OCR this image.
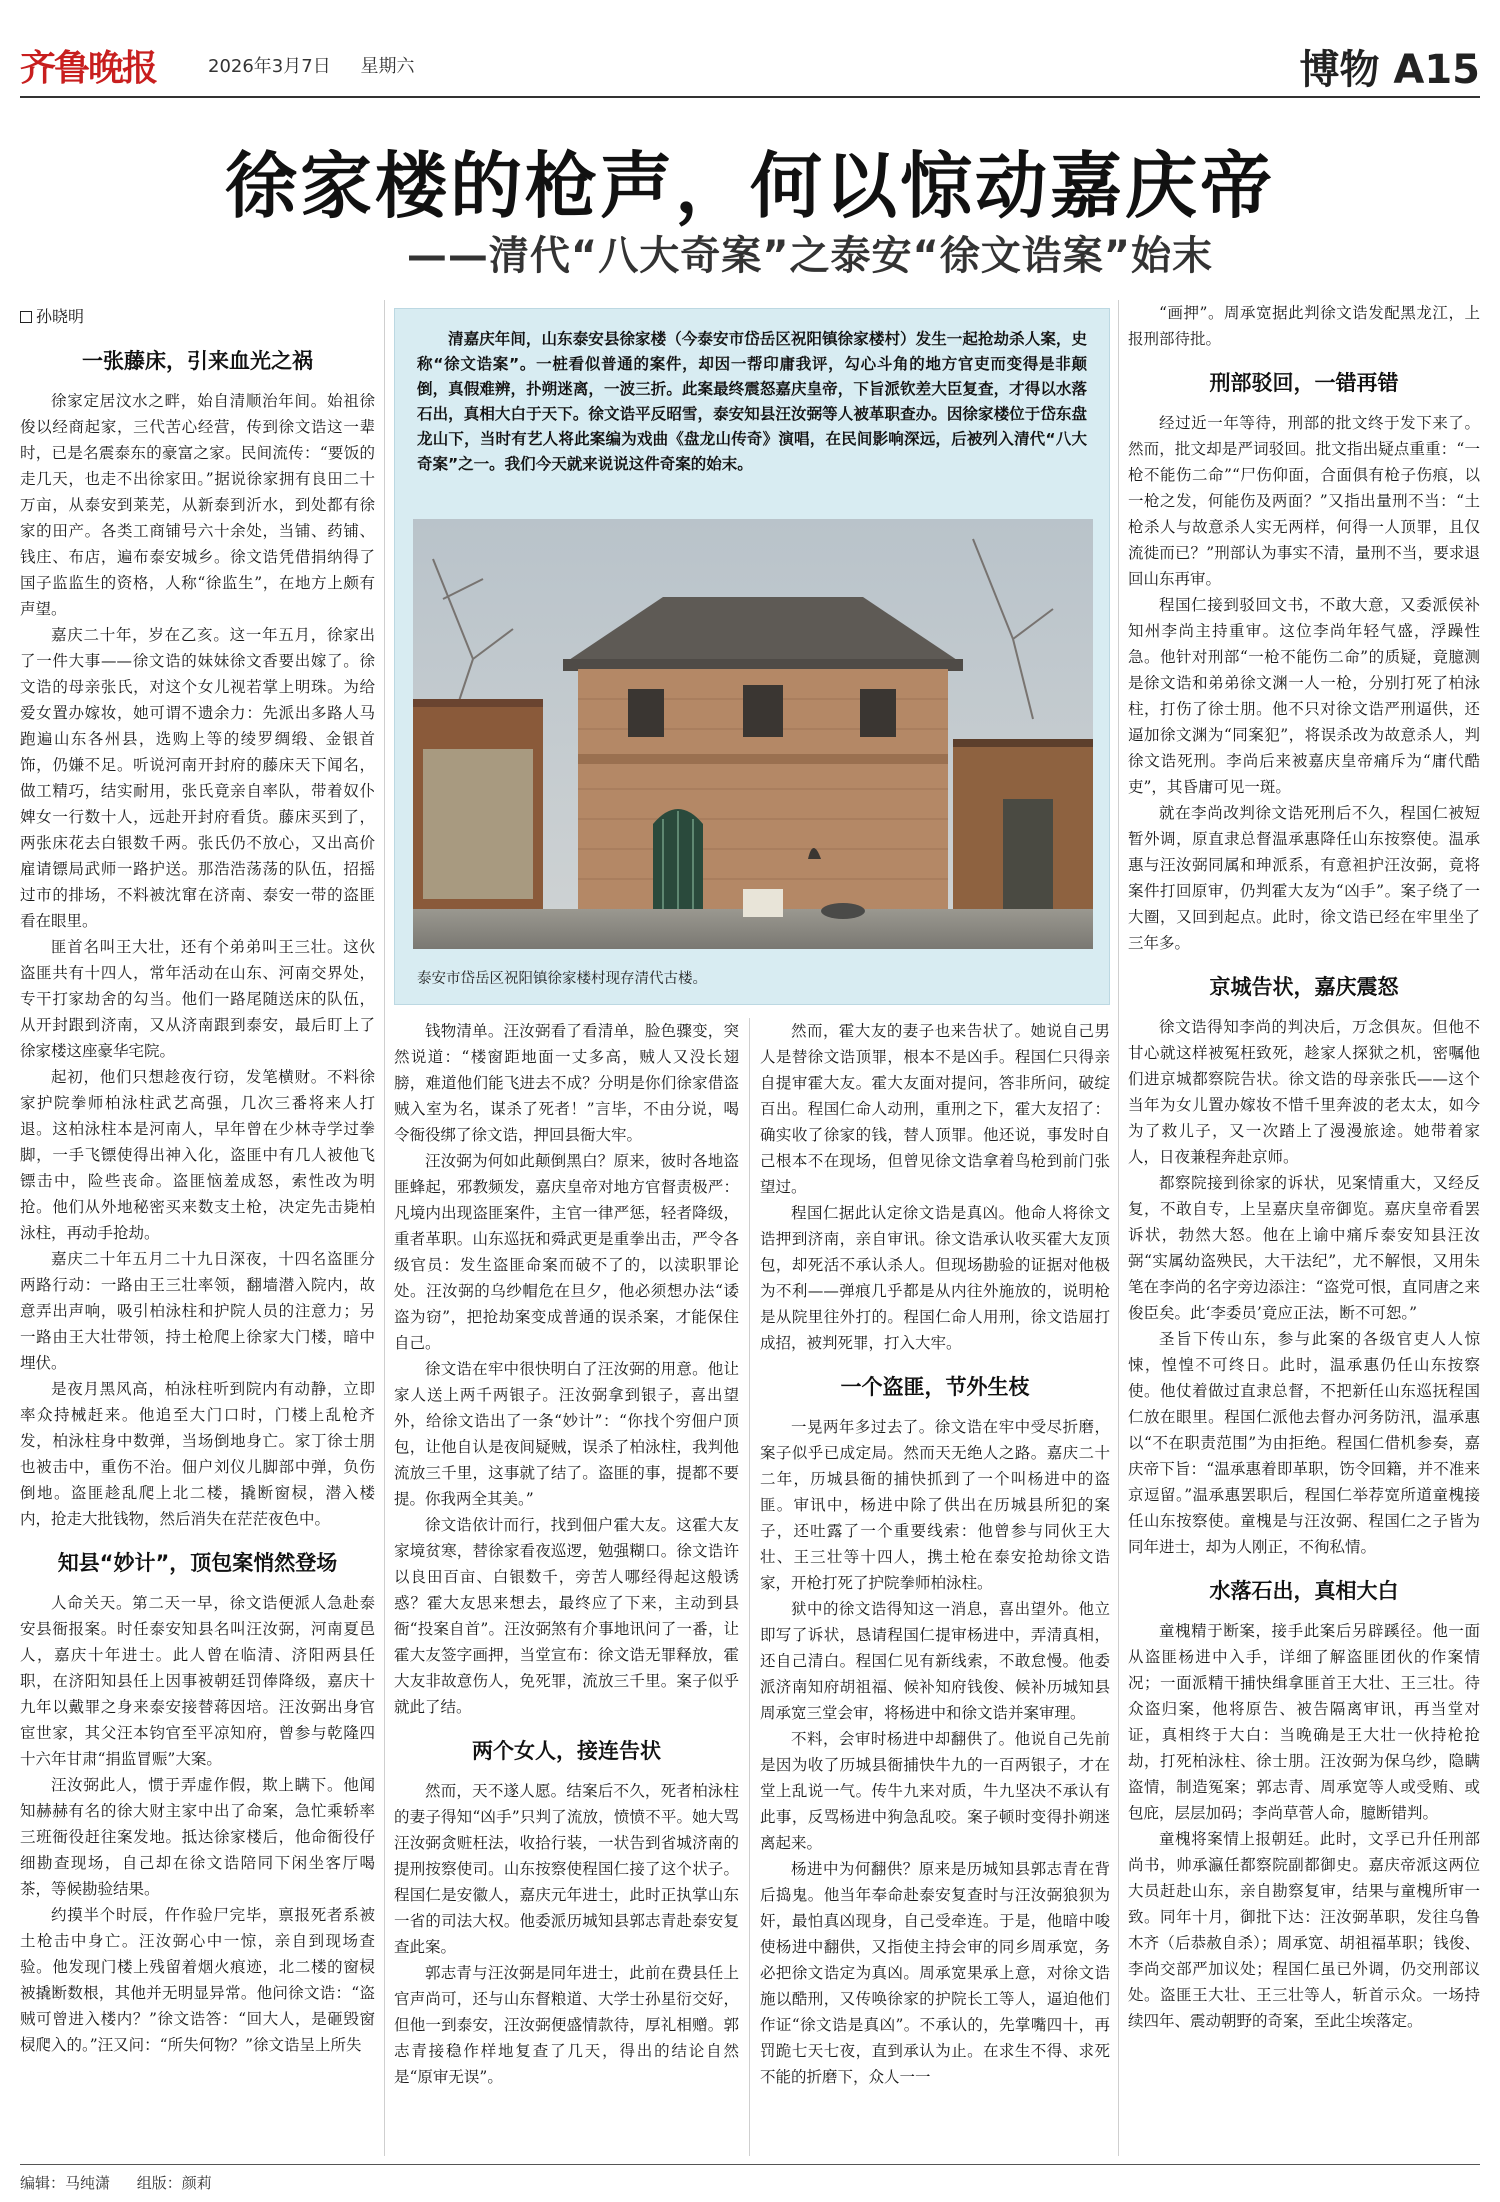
齐鲁晚报	2026年3月7日 星期六	博物 A15
徐家楼的枪声，何以惊动嘉庆帝
——清代“八大奇案”之泰安“徐文诰案”始末
孙晓明
一张藤床，引来血光之祸

徐家定居汶水之畔，始自清顺治年间。始祖徐俊以经商起家，三代苦心经营，传到徐文诰这一辈时，已是名震泰东的豪富之家。民间流传：“要饭的走几天，也走不出徐家田。”据说徐家拥有良田二十万亩，从泰安到莱芜，从新泰到沂水，到处都有徐家的田产。各类工商铺号六十余处，当铺、药铺、钱庄、布店，遍布泰安城乡。徐文诰凭借捐纳得了国子监监生的资格，人称“徐监生”，在地方上颇有声望。

嘉庆二十年，岁在乙亥。这一年五月，徐家出了一件大事——徐文诰的妹妹徐文香要出嫁了。徐文诰的母亲张氏，对这个女儿视若掌上明珠。为给爱女置办嫁妆，她可谓不遗余力：先派出多路人马跑遍山东各州县，选购上等的绫罗绸缎、金银首饰，仍嫌不足。听说河南开封府的藤床天下闻名，做工精巧，结实耐用，张氏竟亲自率队，带着奴仆婢女一行数十人，远赴开封府看货。藤床买到了，两张床花去白银数千两。张氏仍不放心，又出高价雇请镖局武师一路护送。那浩浩荡荡的队伍，招摇过市的排场，不料被沈窜在济南、泰安一带的盗匪看在眼里。

匪首名叫王大壮，还有个弟弟叫王三壮。这伙盗匪共有十四人，常年活动在山东、河南交界处，专干打家劫舍的勾当。他们一路尾随送床的队伍，从开封跟到济南，又从济南跟到泰安，最后盯上了徐家楼这座豪华宅院。

起初，他们只想趁夜行窃，发笔横财。不料徐家护院拳师柏泳柱武艺高强，几次三番将来人打退。这柏泳柱本是河南人，早年曾在少林寺学过拳脚，一手飞镖使得出神入化，盗匪中有几人被他飞镖击中，险些丧命。盗匪恼羞成怒，索性改为明抢。他们从外地秘密买来数支土枪，决定先击毙柏泳柱，再动手抢劫。

嘉庆二十年五月二十九日深夜，十四名盗匪分两路行动：一路由王三壮率领，翻墙潜入院内，故意弄出声响，吸引柏泳柱和护院人员的注意力；另一路由王大壮带领，持土枪爬上徐家大门楼，暗中埋伏。

是夜月黑风高，柏泳柱听到院内有动静，立即率众持械赶来。他追至大门口时，门楼上乱枪齐发，柏泳柱身中数弹，当场倒地身亡。家丁徐士朋也被击中，重伤不治。佃户刘仪儿脚部中弹，负伤倒地。盗匪趁乱爬上北二楼，撬断窗棂，潜入楼内，抢走大批钱物，然后消失在茫茫夜色中。

知县“妙计”，顶包案悄然登场

人命关天。第二天一早，徐文诰便派人急赴泰安县衙报案。时任泰安知县名叫汪汝弼，河南夏邑人，嘉庆十年进士。此人曾在临清、济阳两县任职，在济阳知县任上因事被朝廷罚俸降级，嘉庆十九年以戴罪之身来泰安接替蒋因培。汪汝弼出身官宦世家，其父汪本钧官至平凉知府，曾参与乾隆四十六年甘肃“捐监冒赈”大案。

汪汝弼此人，惯于弄虚作假，欺上瞒下。他闻知赫赫有名的徐大财主家中出了命案，急忙乘轿率三班衙役赶往案发地。抵达徐家楼后，他命衙役仔细勘查现场，自己却在徐文诰陪同下闲坐客厅喝茶，等候勘验结果。

约摸半个时辰，仵作验尸完毕，禀报死者系被土枪击中身亡。汪汝弼心中一惊，亲自到现场查验。他发现门楼上残留着烟火痕迹，北二楼的窗棂被撬断数根，其他并无明显异常。他问徐文诰：“盗贼可曾进入楼内？”徐文诰答：“回大人，是砸毁窗棂爬入的。”汪又问：“所失何物？”徐文诰呈上所失

清嘉庆年间，山东泰安县徐家楼（今泰安市岱岳区祝阳镇徐家楼村）发生一起抢劫杀人案，史称“徐文诰案”。一桩看似普通的案件，却因一帮印庸我评，勾心斗角的地方官吏而变得是非颠倒，真假难辨，扑朔迷离，一波三折。此案最终震怒嘉庆皇帝，下旨派钦差大臣复查，才得以水落石出，真相大白于天下。徐文诰平反昭雪，泰安知县汪汝弼等人被革职查办。因徐家楼位于岱东盘龙山下，当时有艺人将此案编为戏曲《盘龙山传奇》演唱，在民间影响深远，后被列入清代“八大奇案”之一。我们今天就来说说这件奇案的始末。

泰安市岱岳区祝阳镇徐家楼村现存清代古楼。

钱物清单。汪汝弼看了看清单，脸色骤变，突然说道：“楼窗距地面一丈多高，贼人又没长翅膀，难道他们能飞进去不成？分明是你们徐家借盗贼入室为名，谋杀了死者！”言毕，不由分说，喝令衙役绑了徐文诰，押回县衙大牢。

汪汝弼为何如此颠倒黑白？原来，彼时各地盗匪蜂起，邪教频发，嘉庆皇帝对地方官督责极严：凡境内出现盗匪案件，主官一律严惩，轻者降级，重者革职。山东巡抚和舜武更是重拳出击，严令各级官员：发生盗匪命案而破不了的，以渎职罪论处。汪汝弼的乌纱帽危在旦夕，他必须想办法“诿盗为窃”，把抢劫案变成普通的误杀案，才能保住自己。

徐文诰在牢中很快明白了汪汝弼的用意。他让家人送上两千两银子。汪汝弼拿到银子，喜出望外，给徐文诰出了一条“妙计”：“你找个穷佃户顶包，让他自认是夜间疑贼，误杀了柏泳柱，我判他流放三千里，这事就了结了。盗匪的事，提都不要提。你我两全其美。”

徐文诰依计而行，找到佃户霍大友。这霍大友家境贫寒，替徐家看夜巡逻，勉强糊口。徐文诰许以良田百亩、白银数千，旁苦人哪经得起这般诱惑？霍大友思来想去，最终应了下来，主动到县衙“投案自首”。汪汝弼煞有介事地讯问了一番，让霍大友签字画押，当堂宣布：徐文诰无罪释放，霍大友非故意伤人，免死罪，流放三千里。案子似乎就此了结。

两个女人，接连告状

然而，天不遂人愿。结案后不久，死者柏泳柱的妻子得知“凶手”只判了流放，愤愤不平。她大骂汪汝弼贪赃枉法，收拾行装，一状告到省城济南的提刑按察使司。山东按察使程国仁接了这个状子。程国仁是安徽人，嘉庆元年进士，此时正执掌山东一省的司法大权。他委派历城知县郭志青赴泰安复查此案。

郭志青与汪汝弼是同年进士，此前在费县任上官声尚可，还与山东督粮道、大学士孙星衍交好，但他一到泰安，汪汝弼便盛情款待，厚礼相赠。郭志青接稳作样地复查了几天，得出的结论自然是“原审无误”。

然而，霍大友的妻子也来告状了。她说自己男人是替徐文诰顶罪，根本不是凶手。程国仁只得亲自提审霍大友。霍大友面对提问，答非所问，破绽百出。程国仁命人动刑，重刑之下，霍大友招了：确实收了徐家的钱，替人顶罪。他还说，事发时自己根本不在现场，但曾见徐文诰拿着鸟枪到前门张望过。

程国仁据此认定徐文诰是真凶。他命人将徐文诰押到济南，亲自审讯。徐文诰承认收买霍大友顶包，却死活不承认杀人。但现场勘验的证据对他极为不利——弹痕几乎都是从内往外施放的，说明枪是从院里往外打的。程国仁命人用刑，徐文诰屈打成招，被判死罪，打入大牢。

一个盗匪，节外生枝

一晃两年多过去了。徐文诰在牢中受尽折磨，案子似乎已成定局。然而天无绝人之路。嘉庆二十二年，历城县衙的捕快抓到了一个叫杨进中的盗匪。审讯中，杨进中除了供出在历城县所犯的案子，还吐露了一个重要线索：他曾参与同伙王大壮、王三壮等十四人，携土枪在泰安抢劫徐文诰家，开枪打死了护院拳师柏泳柱。

狱中的徐文诰得知这一消息，喜出望外。他立即写了诉状，恳请程国仁提审杨进中，弄清真相，还自己清白。程国仁见有新线索，不敢怠慢。他委派济南知府胡祖福、候补知府钱俊、候补历城知县周承宽三堂会审，将杨进中和徐文诰并案审理。

不料，会审时杨进中却翻供了。他说自己先前是因为收了历城县衙捕快牛九的一百两银子，才在堂上乱说一气。传牛九来对质，牛九坚决不承认有此事，反骂杨进中狗急乱咬。案子顿时变得扑朔迷离起来。

杨进中为何翻供？原来是历城知县郭志青在背后捣鬼。他当年奉命赴泰安复查时与汪汝弼狼狈为奸，最怕真凶现身，自己受牵连。于是，他暗中唆使杨进中翻供，又指使主持会审的同乡周承宽，务必把徐文诰定为真凶。周承宽果承上意，对徐文诰施以酷刑，又传唤徐家的护院长工等人，逼迫他们作证“徐文诰是真凶”。不承认的，先掌嘴四十，再罚跪七天七夜，直到承认为止。在求生不得、求死不能的折磨下，众人一一

“画押”。周承宽据此判徐文诰发配黑龙江，上报刑部待批。

刑部驳回，一错再错

经过近一年等待，刑部的批文终于发下来了。然而，批文却是严词驳回。批文指出疑点重重：“一枪不能伤二命”“尸伤仰面，合面俱有枪子伤痕，以一枪之发，何能伤及两面？”又指出量刑不当：“土枪杀人与故意杀人实无两样，何得一人顶罪，且仅流徙而已？”刑部认为事实不清，量刑不当，要求退回山东再审。

程国仁接到驳回文书，不敢大意，又委派侯补知州李尚主持重审。这位李尚年轻气盛，浮躁性急。他针对刑部“一枪不能伤二命”的质疑，竟臆测是徐文诰和弟弟徐文渊一人一枪，分别打死了柏泳柱，打伤了徐士朋。他不只对徐文诰严刑逼供，还逼加徐文渊为“同案犯”，将误杀改为故意杀人，判徐文诰死刑。李尚后来被嘉庆皇帝痛斥为“庸代酷吏”，其昏庸可见一斑。

就在李尚改判徐文诰死刑后不久，程国仁被短暂外调，原直隶总督温承惠降任山东按察使。温承惠与汪汝弼同属和珅派系，有意袒护汪汝弼，竟将案件打回原审，仍判霍大友为“凶手”。案子绕了一大圈，又回到起点。此时，徐文诰已经在牢里坐了三年多。

京城告状，嘉庆震怒

徐文诰得知李尚的判决后，万念俱灰。但他不甘心就这样被冤枉致死，趁家人探狱之机，密嘱他们进京城都察院告状。徐文诰的母亲张氏——这个当年为女儿置办嫁妆不惜千里奔波的老太太，如今为了救儿子，又一次踏上了漫漫旅途。她带着家人，日夜兼程奔赴京师。

都察院接到徐家的诉状，见案情重大，又经反复，不敢自专，上呈嘉庆皇帝御览。嘉庆皇帝看罢诉状，勃然大怒。他在上谕中痛斥泰安知县汪汝弼“实属幼盗殃民，大干法纪”，尤不解恨，又用朱笔在李尚的名字旁边添注：“盗党可恨，直同唐之来俊臣矣。此‘李委员’竟应正法，断不可恕。”

圣旨下传山东，参与此案的各级官吏人人惊悚，惶惶不可终日。此时，温承惠仍任山东按察使。他仗着做过直隶总督，不把新任山东巡抚程国仁放在眼里。程国仁派他去督办河务防汛，温承惠以“不在职责范围”为由拒绝。程国仁借机参奏，嘉庆帝下旨：“温承惠着即革职，饬令回籍，并不准来京逗留。”温承惠罢职后，程国仁举荐宽所道童槐接任山东按察使。童槐是与汪汝弼、程国仁之子皆为同年进士，却为人刚正，不徇私情。

水落石出，真相大白

童槐精于断案，接手此案后另辟蹊径。他一面从盗匪杨进中入手，详细了解盗匪团伙的作案情况；一面派精干捕快缉拿匪首王大壮、王三壮。待众盗归案，他将原告、被告隔离审讯，再当堂对证，真相终于大白：当晚确是王大壮一伙持枪抢劫，打死柏泳柱、徐士朋。汪汝弼为保乌纱，隐瞒盗情，制造冤案；郭志青、周承宽等人或受贿、或包庇，层层加码；李尚草菅人命，臆断错判。

童槐将案情上报朝廷。此时，文孚已升任刑部尚书，帅承瀛任都察院副都御史。嘉庆帝派这两位大员赶赴山东，亲自勘察复审，结果与童槐所审一致。同年十月，御批下达：汪汝弼革职，发往乌鲁木齐（后恭赦自杀）；周承宽、胡祖福革职；钱俊、李尚交部严加议处；程国仁虽已外调，仍交刑部议处。盗匪王大壮、王三壮等人，斩首示众。一场持续四年、震动朝野的奇案，至此尘埃落定。

编辑：马纯潇 组版：颜莉
